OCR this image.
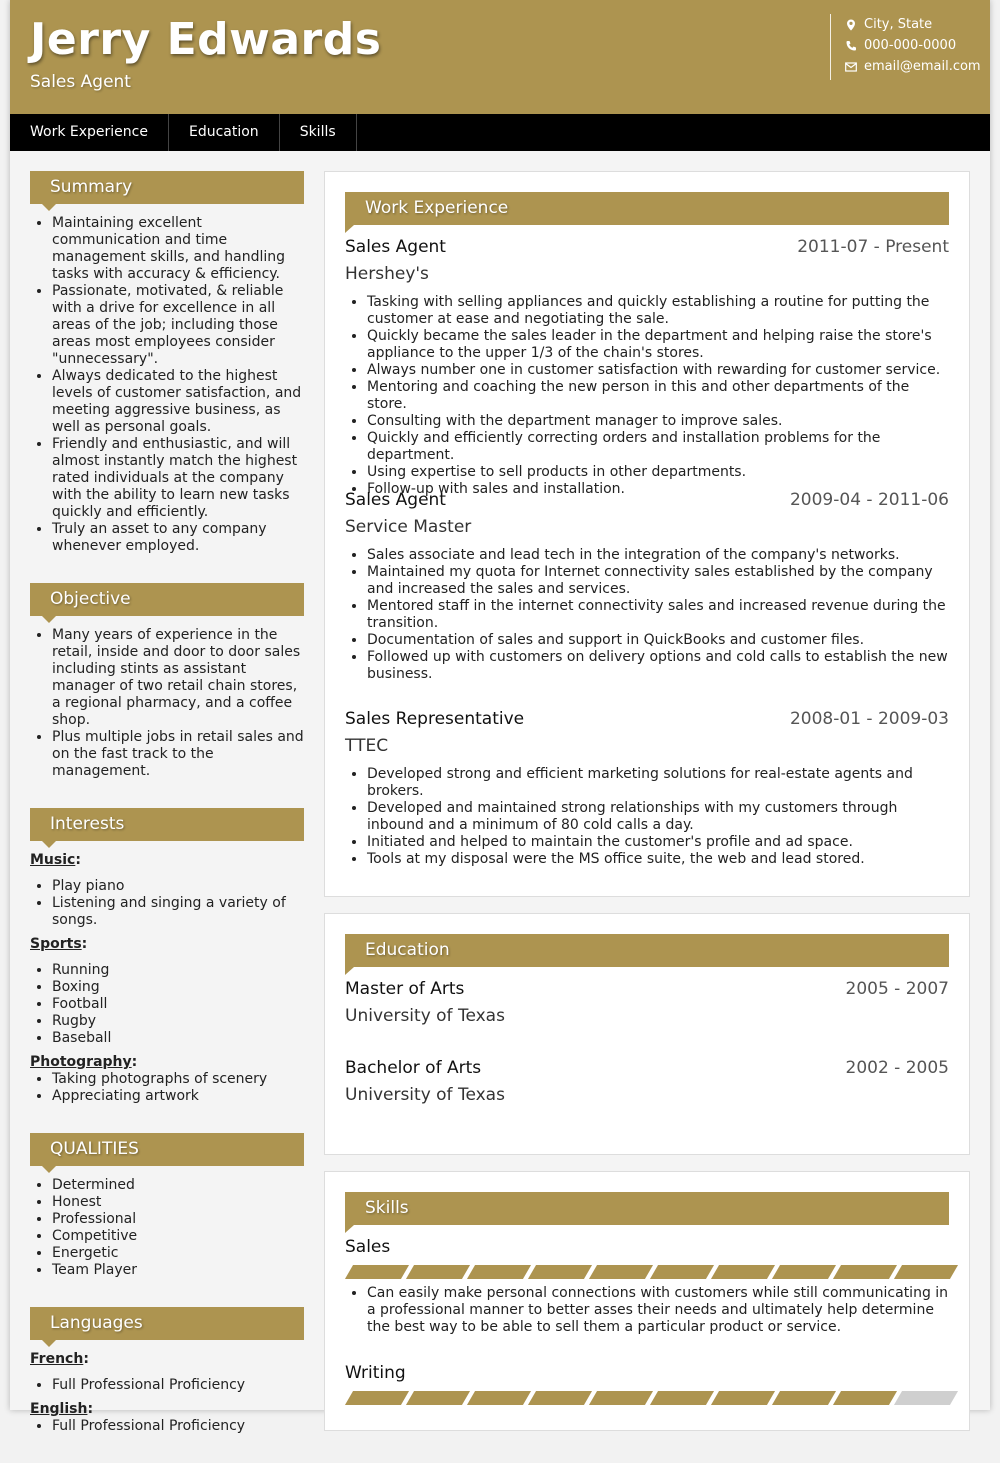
Jerry Edwards
Sales Agent
City, State
000-000-0000
email@email.com
Work Experience	Education	Skills
Summary
• Maintaining excellent communication and time management skills, and handling tasks with accuracy & efficiency.
• Passionate, motivated, & reliable with a drive for excellence in all areas of the job; including those areas most employees consider "unnecessary".
• Always dedicated to the highest levels of customer satisfaction, and meeting aggressive business, as well as personal goals.
• Friendly and enthusiastic, and will almost instantly match the highest rated individuals at the company with the ability to learn new tasks quickly and efficiently.
• Truly an asset to any company whenever employed.
Objective
• Many years of experience in the retail, inside and door to door sales including stints as assistant manager of two retail chain stores, a regional pharmacy, and a coffee shop.
• Plus multiple jobs in retail sales and on the fast track to the management.
Interests
Music:
• Play piano
• Listening and singing a variety of songs.
Sports:
• Running
• Boxing
• Football
• Rugby
• Baseball
Photography:
• Taking photographs of scenery
• Appreciating artwork
QUALITIES
• Determined
• Honest
• Professional
• Competitive
• Energetic
• Team Player
Languages
French:
• Full Professional Proficiency
English:
• Full Professional Proficiency
Work Experience
Sales Agent	2011-07 - Present
Hershey's
• Tasking with selling appliances and quickly establishing a routine for putting the customer at ease and negotiating the sale.
• Quickly became the sales leader in the department and helping raise the store's appliance to the upper 1/3 of the chain's stores.
• Always number one in customer satisfaction with rewarding for customer service.
• Mentoring and coaching the new person in this and other departments of the store.
• Consulting with the department manager to improve sales.
• Quickly and efficiently correcting orders and installation problems for the department.
• Using expertise to sell products in other departments.
• Follow-up with sales and installation.
Sales Agent	2009-04 - 2011-06
Service Master
• Sales associate and lead tech in the integration of the company's networks.
• Maintained my quota for Internet connectivity sales established by the company and increased the sales and services.
• Mentored staff in the internet connectivity sales and increased revenue during the transition.
• Documentation of sales and support in QuickBooks and customer files.
• Followed up with customers on delivery options and cold calls to establish the new business.
Sales Representative	2008-01 - 2009-03
TTEC
• Developed strong and efficient marketing solutions for real-estate agents and brokers.
• Developed and maintained strong relationships with my customers through inbound and a minimum of 80 cold calls a day.
• Initiated and helped to maintain the customer's profile and ad space.
• Tools at my disposal were the MS office suite, the web and lead stored.
Education
Master of Arts	2005 - 2007
University of Texas
Bachelor of Arts	2002 - 2005
University of Texas
Skills
Sales
• Can easily make personal connections with customers while still communicating in a professional manner to better asses their needs and ultimately help determine the best way to be able to sell them a particular product or service.
Writing
